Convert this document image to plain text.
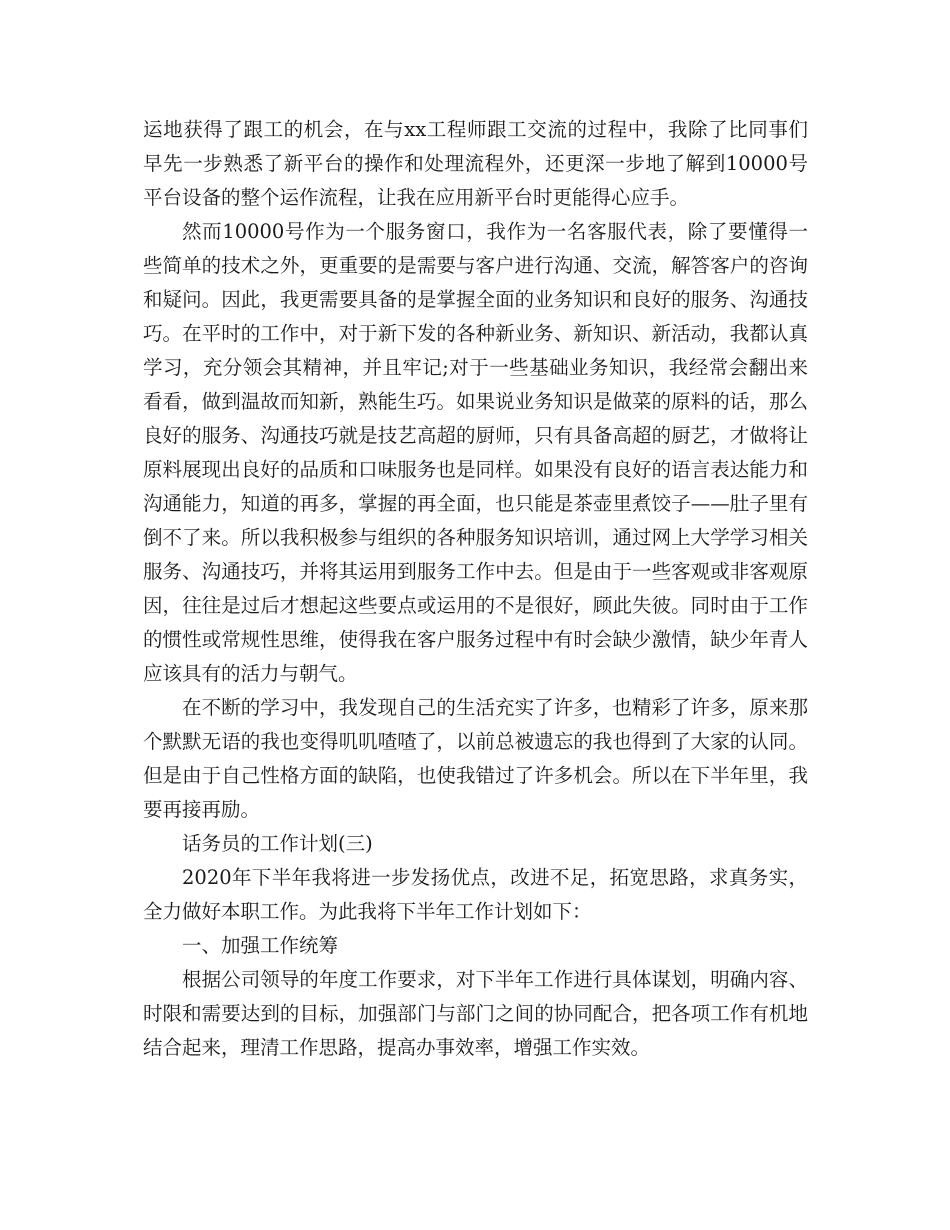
运地获得了跟工的机会，在与xx工程师跟工交流的过程中，我除了比同事们早先一步熟悉了新平台的操作和处理流程外，还更深一步地了解到10000号平台设备的整个运作流程，让我在应用新平台时更能得心应手。

然而10000号作为一个服务窗口，我作为一名客服代表，除了要懂得一些简单的技术之外，更重要的是需要与客户进行沟通、交流，解答客户的咨询和疑问。因此，我更需要具备的是掌握全面的业务知识和良好的服务、沟通技巧。在平时的工作中，对于新下发的各种新业务、新知识、新活动，我都认真学习，充分领会其精神，并且牢记;对于一些基础业务知识，我经常会翻出来看看，做到温故而知新，熟能生巧。如果说业务知识是做菜的原料的话，那么良好的服务、沟通技巧就是技艺高超的厨师，只有具备高超的厨艺，才做将让原料展现出良好的品质和口味服务也是同样。如果没有良好的语言表达能力和沟通能力，知道的再多，掌握的再全面，也只能是茶壶里煮饺子——肚子里有倒不了来。所以我积极参与组织的各种服务知识培训，通过网上大学学习相关服务、沟通技巧，并将其运用到服务工作中去。但是由于一些客观或非客观原因，往往是过后才想起这些要点或运用的不是很好，顾此失彼。同时由于工作的惯性或常规性思维，使得我在客户服务过程中有时会缺少激情，缺少年青人应该具有的活力与朝气。

在不断的学习中，我发现自己的生活充实了许多，也精彩了许多，原来那个默默无语的我也变得叽叽喳喳了，以前总被遗忘的我也得到了大家的认同。但是由于自己性格方面的缺陷，也使我错过了许多机会。所以在下半年里，我要再接再励。

话务员的工作计划(三)

2020年下半年我将进一步发扬优点，改进不足，拓宽思路，求真务实，全力做好本职工作。为此我将下半年工作计划如下：

一、加强工作统筹

根据公司领导的年度工作要求，对下半年工作进行具体谋划，明确内容、时限和需要达到的目标，加强部门与部门之间的协同配合，把各项工作有机地结合起来，理清工作思路，提高办事效率，增强工作实效。
